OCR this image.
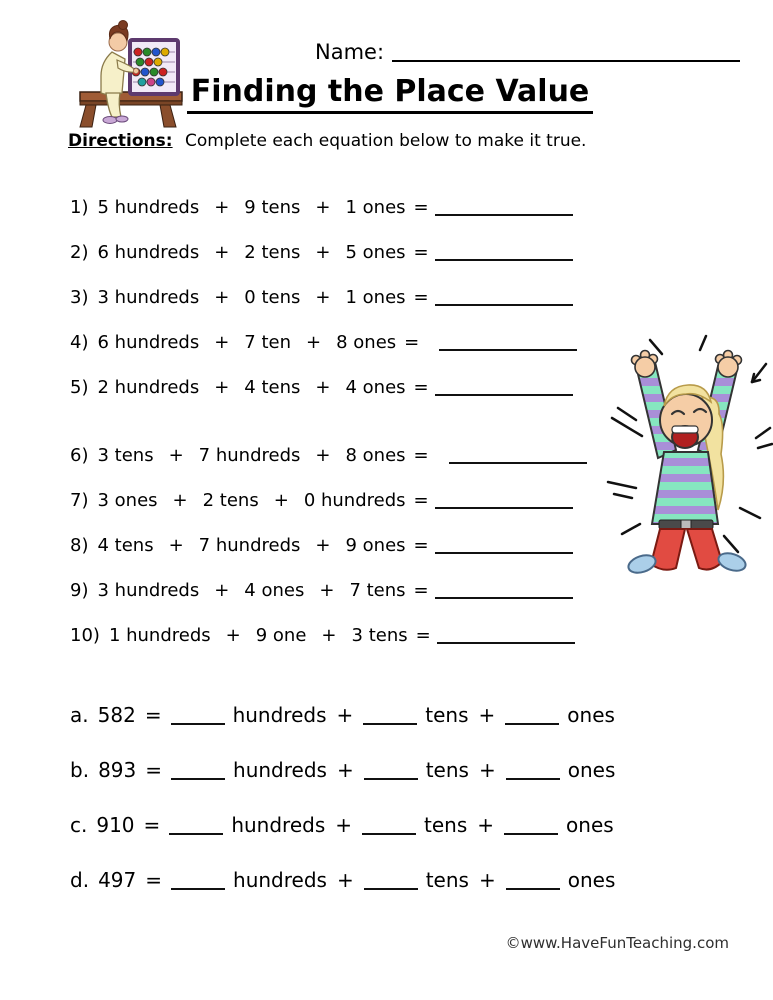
Name:
Finding the Place Value
Directions: Complete each equation below to make it true.
1) 5 hundreds + 9 tens + 1 ones =
2) 6 hundreds + 2 tens + 5 ones =
3) 3 hundreds + 0 tens + 1 ones =
4) 6 hundreds + 7 ten + 8 ones =
5) 2 hundreds + 4 tens + 4 ones =
6) 3 tens + 7 hundreds + 8 ones =
7) 3 ones + 2 tens + 0 hundreds =
8) 4 tens + 7 hundreds + 9 ones =
9) 3 hundreds + 4 ones + 7 tens =
10) 1 hundreds + 9 one + 3 tens =
a. 582 =	hundreds +	tens +	ones
b. 893 =	hundreds +	tens +	ones
c. 910 =	hundreds +	tens +	ones
d. 497 =	hundreds +	tens +	ones
©www.HaveFunTeaching.com
